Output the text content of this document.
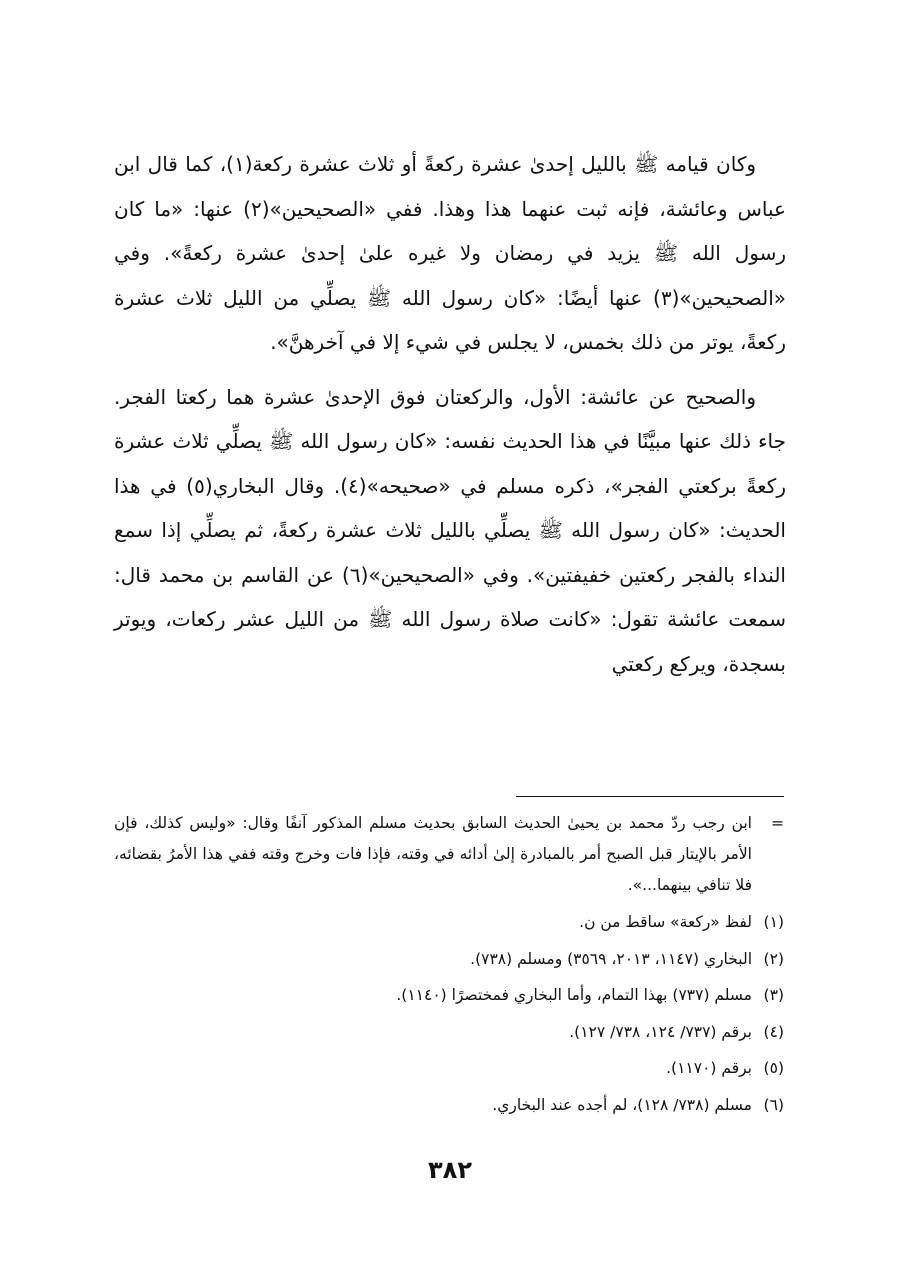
وكان قيامه ﷺ بالليل إحدىٰ عشرة ركعةً أو ثلاث عشرة ركعة(١)، كما قال ابن عباس وعائشة، فإنه ثبت عنهما هذا وهذا. ففي «الصحيحين»(٢) عنها: «ما كان رسول الله ﷺ يزيد في رمضان ولا غيره علىٰ إحدىٰ عشرة ركعةً». وفي «الصحيحين»(٣) عنها أيضًا: «كان رسول الله ﷺ يصلِّي من الليل ثلاث عشرة ركعةً، يوتر من ذلك بخمس، لا يجلس في شيء إلا في آخرهنَّ».

والصحيح عن عائشة: الأول، والركعتان فوق الإحدىٰ عشرة هما ركعتا الفجر. جاء ذلك عنها مبيَّنًا في هذا الحديث نفسه: «كان رسول الله ﷺ يصلِّي ثلاث عشرة ركعةً بركعتي الفجر»، ذكره مسلم في «صحيحه»(٤). وقال البخاري(٥) في هذا الحديث: «كان رسول الله ﷺ يصلِّي بالليل ثلاث عشرة ركعةً، ثم يصلِّي إذا سمع النداء بالفجر ركعتين خفيفتين». وفي «الصحيحين»(٦) عن القاسم بن محمد قال: سمعت عائشة تقول: «كانت صلاة رسول الله ﷺ من الليل عشر ركعات، ويوتر بسجدة، ويركع ركعتي

=
ابن رجب ردّ محمد بن يحيىٰ الحديث السابق بحديث مسلم المذكور آنفًا وقال: «وليس كذلك، فإن الأمر بالإيتار قبل الصبح أمر بالمبادرة إلىٰ أدائه في وقته، فإذا فات وخرج وقته ففي هذا الأمرُ بقضائه، فلا تنافي بينهما...».
(١)
لفظ «ركعة» ساقط من ن.
(٢)
البخاري (١١٤٧، ٢٠١٣، ٣٥٦٩) ومسلم (٧٣٨).
(٣)
مسلم (٧٣٧) بهذا التمام، وأما البخاري فمختصرًا (١١٤٠).
(٤)
برقم (٧٣٧/ ١٢٤، ٧٣٨/ ١٢٧).
(٥)
برقم (١١٧٠).
(٦)
مسلم (٧٣٨/ ١٢٨)، لم أجده عند البخاري.
٣٨٢
